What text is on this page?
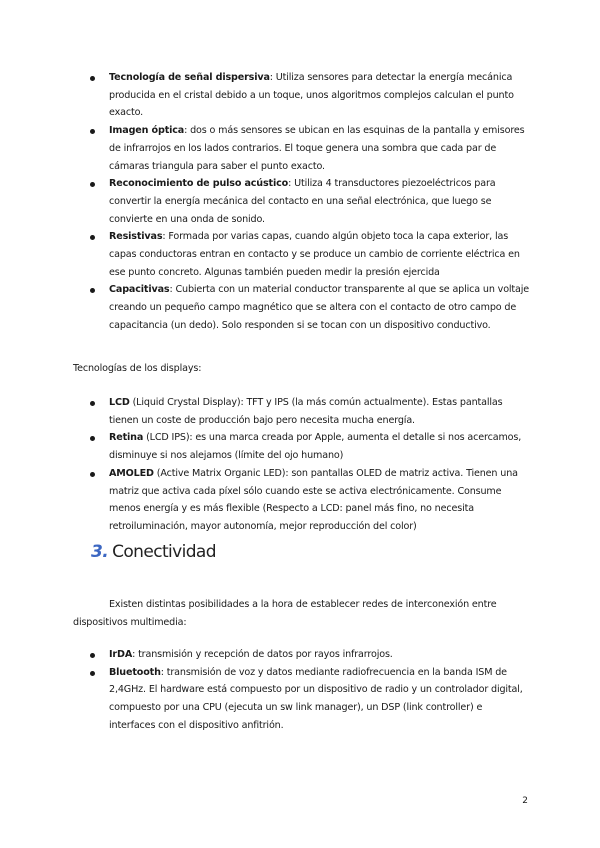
Tecnología de señal dispersiva: Utiliza sensores para detectar la energía mecánica producida en el cristal debido a un toque, unos algoritmos complejos calculan el punto exacto.
Imagen óptica: dos o más sensores se ubican en las esquinas de la pantalla y emisores de infrarrojos en los lados contrarios. El toque genera una sombra que cada par de cámaras triangula para saber el punto exacto.
Reconocimiento de pulso acústico: Utiliza 4 transductores piezoeléctricos para convertir la energía mecánica del contacto en una señal electrónica, que luego se convierte en una onda de sonido.
Resistivas: Formada por varias capas, cuando algún objeto toca la capa exterior, las capas conductoras entran en contacto y se produce un cambio de corriente eléctrica en ese punto concreto. Algunas también pueden medir la presión ejercida
Capacitivas: Cubierta con un material conductor transparente al que se aplica un voltaje creando un pequeño campo magnético que se altera con el contacto de otro campo de capacitancia (un dedo). Solo responden si se tocan con un dispositivo conductivo.
Tecnologías de los displays:
LCD (Liquid Crystal Display): TFT y IPS (la más común actualmente). Estas pantallas tienen un coste de producción bajo pero necesita mucha energía.
Retina (LCD IPS): es una marca creada por Apple, aumenta el detalle si nos acercamos, disminuye si nos alejamos (límite del ojo humano)
AMOLED (Active Matrix Organic LED): son pantallas OLED de matriz activa. Tienen una matriz que activa cada píxel sólo cuando este se activa electrónicamente. Consume menos energía y es más flexible (Respecto a LCD: panel más fino, no necesita retroiluminación, mayor autonomía, mejor reproducción del color)
3. Conectividad
Existen distintas posibilidades a la hora de establecer redes de interconexión entre dispositivos multimedia:
IrDA: transmisión y recepción de datos por rayos infrarrojos.
Bluetooth: transmisión de voz y datos mediante radiofrecuencia en la banda ISM de 2,4GHz. El hardware está compuesto por un dispositivo de radio y un controlador digital, compuesto por una CPU (ejecuta un sw link manager), un DSP (link controller) e interfaces con el dispositivo anfitrión.
2
